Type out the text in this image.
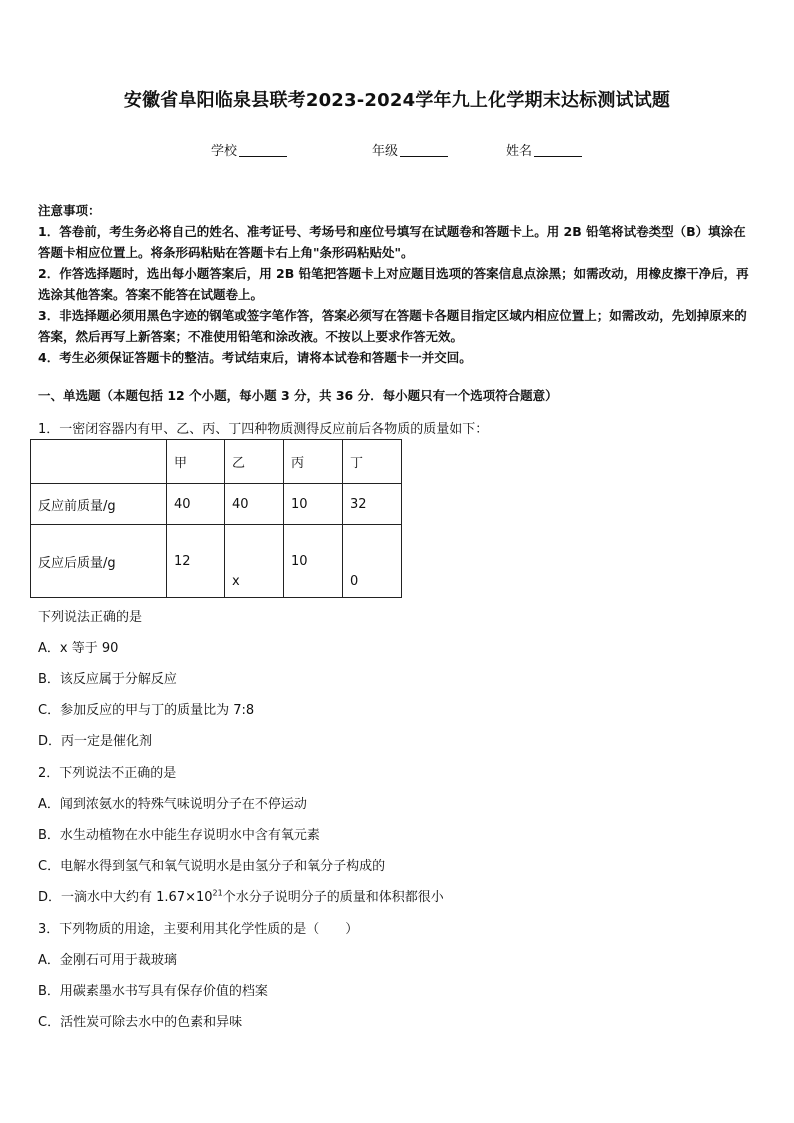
安徽省阜阳临泉县联考2023-2024学年九上化学期末达标测试试题
学校	年级	姓名

注意事项：

1．答卷前，考生务必将自己的姓名、准考证号、考场号和座位号填写在试题卷和答题卡上。用 2B 铅笔将试卷类型（B）填涂在答题卡相应位置上。将条形码粘贴在答题卡右上角"条形码粘贴处"。

2．作答选择题时，选出每小题答案后，用 2B 铅笔把答题卡上对应题目选项的答案信息点涂黑；如需改动，用橡皮擦干净后，再选涂其他答案。答案不能答在试题卷上。

3．非选择题必须用黑色字迹的钢笔或签字笔作答，答案必须写在答题卡各题目指定区域内相应位置上；如需改动，先划掉原来的答案，然后再写上新答案；不准使用铅笔和涂改液。不按以上要求作答无效。

4．考生必须保证答题卡的整洁。考试结束后，请将本试卷和答题卡一并交回。

一、单选题（本题包括 12 个小题，每小题 3 分，共 36 分．每小题只有一个选项符合题意）
1．一密闭容器内有甲、乙、丙、丁四种物质测得反应前后各物质的质量如下：
	甲	乙	丙	丁
反应前质量/g	40	40	10	32
反应后质量/g	12	x	10	0
下列说法正确的是
A．x 等于 90
B．该反应属于分解反应
C．参加反应的甲与丁的质量比为 7:8
D．丙一定是催化剂
2．下列说法不正确的是
A．闻到浓氨水的特殊气味说明分子在不停运动
B．水生动植物在水中能生存说明水中含有氧元素
C．电解水得到氢气和氧气说明水是由氢分子和氧分子构成的
D．一滴水中大约有 $1.67\times 10^{21}$个水分子说明分子的质量和体积都很小
3．下列物质的用途，主要利用其化学性质的是（　　）
A．金刚石可用于裁玻璃
B．用碳素墨水书写具有保存价值的档案
C．活性炭可除去水中的色素和异味
